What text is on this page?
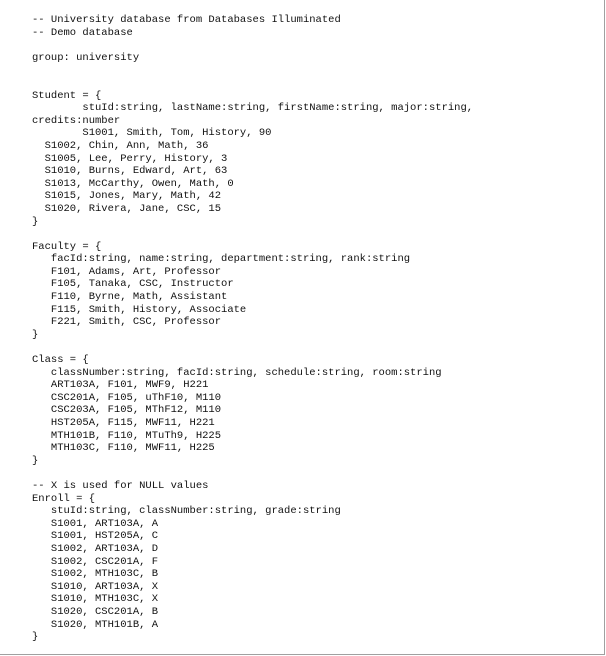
-- University database from Databases Illuminated
-- Demo database
group: university
Student = {
stuId:string, lastName:string, firstName:string, major:string,
credits:number
S1001, Smith, Tom, History, 90
S1002, Chin, Ann, Math, 36
S1005, Lee, Perry, History, 3
S1010, Burns, Edward, Art, 63
S1013, McCarthy, Owen, Math, 0
S1015, Jones, Mary, Math, 42
S1020, Rivera, Jane, CSC, 15
}
Faculty = {
facId:string, name:string, department:string, rank:string
F101, Adams, Art, Professor
F105, Tanaka, CSC, Instructor
F110, Byrne, Math, Assistant
F115, Smith, History, Associate
F221, Smith, CSC, Professor
}
Class = {
classNumber:string, facId:string, schedule:string, room:string
ART103A, F101, MWF9, H221
CSC201A, F105, uThF10, M110
CSC203A, F105, MThF12, M110
HST205A, F115, MWF11, H221
MTH101B, F110, MTuTh9, H225
MTH103C, F110, MWF11, H225
}
-- X is used for NULL values
Enroll = {
stuId:string, classNumber:string, grade:string
S1001, ART103A, A
S1001, HST205A, C
S1002, ART103A, D
S1002, CSC201A, F
S1002, MTH103C, B
S1010, ART103A, X
S1010, MTH103C, X
S1020, CSC201A, B
S1020, MTH101B, A
}
